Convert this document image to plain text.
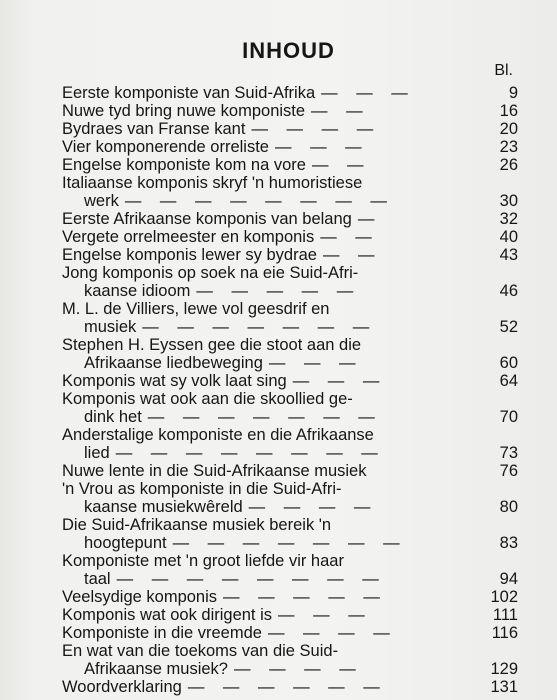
INHOUD
Bl.
Eerste komponiste van Suid-Afrika — — —	9
Nuwe tyd bring nuwe komponiste — —	16
Bydraes van Franse kant — — — —	20
Vier komponerende orreliste — — —	23
Engelse komponiste kom na vore — —	26
Italiaanse komponis skryf 'n humoristiese
werk — — — — — — — —	30
Eerste Afrikaanse komponis van belang —	32
Vergete orrelmeester en komponis — —	40
Engelse komponis lewer sy bydrae — —	43
Jong komponis op soek na eie Suid-Afri-
kaanse idioom — — — — —	46
M. L. de Villiers, lewe vol geesdrif en
musiek — — — — — — —	52
Stephen H. Eyssen gee die stoot aan die
Afrikaanse liedbeweging — — —	60
Komponis wat sy volk laat sing — — —	64
Komponis wat ook aan die skoollied ge-
dink het — — — — — — —	70
Anderstalige komponiste en die Afrikaanse
lied — — — — — — — —	73
Nuwe lente in die Suid-Afrikaanse musiek	76
'n Vrou as komponiste in die Suid-Afri-
kaanse musiekwêreld — — — —	80
Die Suid-Afrikaanse musiek bereik 'n
hoogtepunt — — — — — — —	83
Komponiste met 'n groot liefde vir haar
taal — — — — — — — —	94
Veelsydige komponis — — — — —	102
Komponis wat ook dirigent is — — —	111
Komponiste in die vreemde — — — —	116
En wat van die toekoms van die Suid-
Afrikaanse musiek? — — — —	129
Woordverklaring — — — — — —	131
